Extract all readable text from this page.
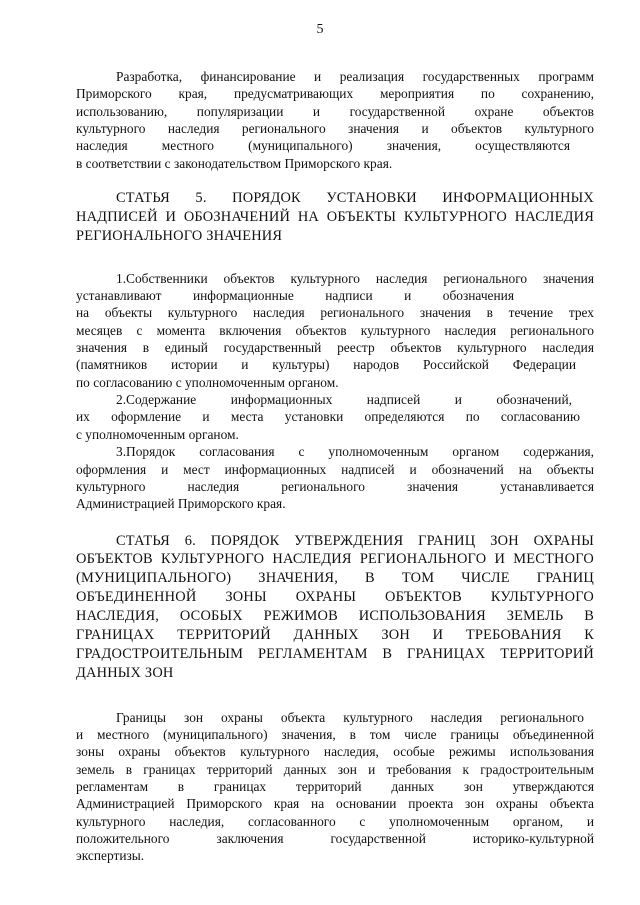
5
Разработка, финансирование и реализация государственных программ
Приморского края, предусматривающих мероприятия по сохранению,
использованию, популяризации и государственной охране объектов
культурного наследия регионального значения и объектов культурного
наследия местного (муниципального) значения, осуществляются
в соответствии с законодательством Приморского края.
СТАТЬЯ 5. ПОРЯДОК УСТАНОВКИ ИНФОРМАЦИОННЫХ
НАДПИСЕЙ И ОБОЗНАЧЕНИЙ НА ОБЪЕКТЫ КУЛЬТУРНОГО НАСЛЕДИЯ
РЕГИОНАЛЬНОГО ЗНАЧЕНИЯ
1.Собственники объектов культурного наследия регионального значения
устанавливают информационные надписи и обозначения
на объекты культурного наследия регионального значения в течение трех
месяцев с момента включения объектов культурного наследия регионального
значения в единый государственный реестр объектов культурного наследия
(памятников истории и культуры) народов Российской Федерации
по согласованию с уполномоченным органом.
2.Содержание информационных надписей и обозначений,
их оформление и места установки определяются по согласованию
с уполномоченным органом.
3.Порядок согласования с уполномоченным органом содержания,
оформления и мест информационных надписей и обозначений на объекты
культурного наследия регионального значения устанавливается
Администрацией Приморского края.
СТАТЬЯ 6. ПОРЯДОК УТВЕРЖДЕНИЯ ГРАНИЦ ЗОН ОХРАНЫ
ОБЪЕКТОВ КУЛЬТУРНОГО НАСЛЕДИЯ РЕГИОНАЛЬНОГО И МЕСТНОГО
(МУНИЦИПАЛЬНОГО) ЗНАЧЕНИЯ, В ТОМ ЧИСЛЕ ГРАНИЦ
ОБЪЕДИНЕННОЙ ЗОНЫ ОХРАНЫ ОБЪЕКТОВ КУЛЬТУРНОГО
НАСЛЕДИЯ, ОСОБЫХ РЕЖИМОВ ИСПОЛЬЗОВАНИЯ ЗЕМЕЛЬ В
ГРАНИЦАХ ТЕРРИТОРИЙ ДАННЫХ ЗОН И ТРЕБОВАНИЯ К
ГРАДОСТРОИТЕЛЬНЫМ РЕГЛАМЕНТАМ В ГРАНИЦАХ ТЕРРИТОРИЙ
ДАННЫХ ЗОН
Границы зон охраны объекта культурного наследия регионального
и местного (муниципального) значения, в том числе границы объединенной
зоны охраны объектов культурного наследия, особые режимы использования
земель в границах территорий данных зон и требования к градостроительным
регламентам в границах территорий данных зон утверждаются
Администрацией Приморского края на основании проекта зон охраны объекта
культурного наследия, согласованного с уполномоченным органом, и
положительного заключения государственной историко-культурной
экспертизы.
